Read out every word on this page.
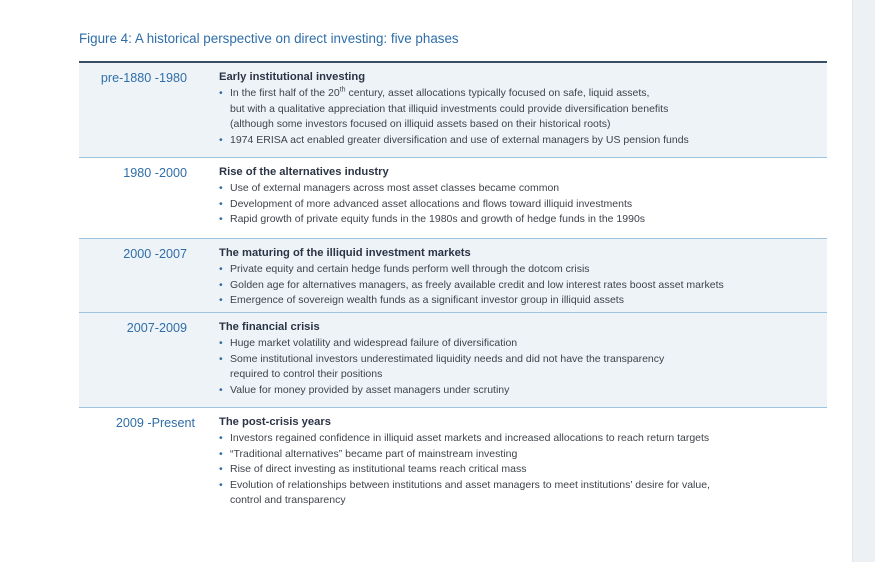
Figure 4: A historical perspective on direct investing: five phases
pre-1880 -1980	Early institutional investing
• In the first half of the 20th century, asset allocations typically focused on safe, liquid assets,
but with a qualitative appreciation that illiquid investments could provide diversification benefits
(although some investors focused on illiquid assets based on their historical roots)
• 1974 ERISA act enabled greater diversification and use of external managers by US pension funds
1980 -2000	Rise of the alternatives industry
• Use of external managers across most asset classes became common
• Development of more advanced asset allocations and flows toward illiquid investments
• Rapid growth of private equity funds in the 1980s and growth of hedge funds in the 1990s
2000 -2007	The maturing of the illiquid investment markets
• Private equity and certain hedge funds perform well through the dotcom crisis
• Golden age for alternatives managers, as freely available credit and low interest rates boost asset markets
• Emergence of sovereign wealth funds as a significant investor group in illiquid assets
2007-2009	The financial crisis
• Huge market volatility and widespread failure of diversification
• Some institutional investors underestimated liquidity needs and did not have the transparency
required to control their positions
• Value for money provided by asset managers under scrutiny
2009 -Present	The post-crisis years
• Investors regained confidence in illiquid asset markets and increased allocations to reach return targets
• “Traditional alternatives” became part of mainstream investing
• Rise of direct investing as institutional teams reach critical mass
• Evolution of relationships between institutions and asset managers to meet institutions’ desire for value,
control and transparency
